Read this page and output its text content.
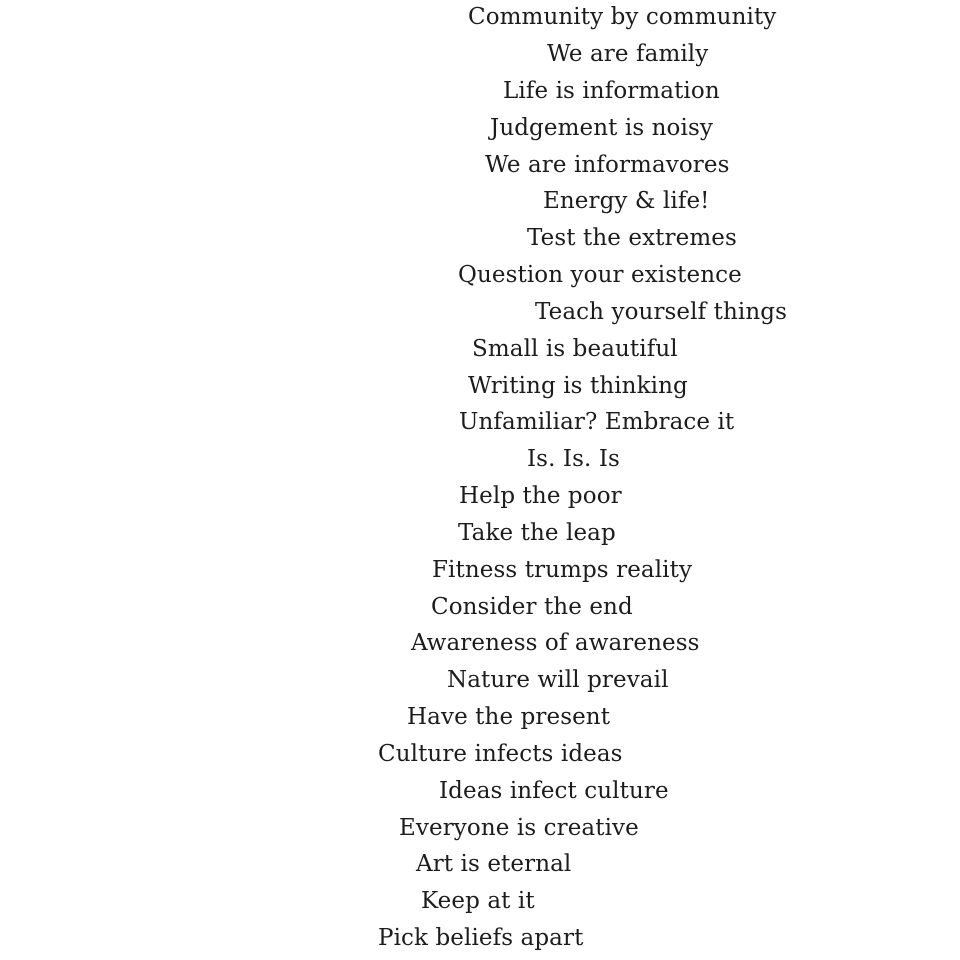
Community by community
We are family
Life is information
Judgement is noisy
We are informavores
Energy & life!
Test the extremes
Question your existence
Teach yourself things
Small is beautiful
Writing is thinking
Unfamiliar? Embrace it
Is. Is. Is
Help the poor
Take the leap
Fitness trumps reality
Consider the end
Awareness of awareness
Nature will prevail
Have the present
Culture infects ideas
Ideas infect culture
Everyone is creative
Art is eternal
Keep at it
Pick beliefs apart
